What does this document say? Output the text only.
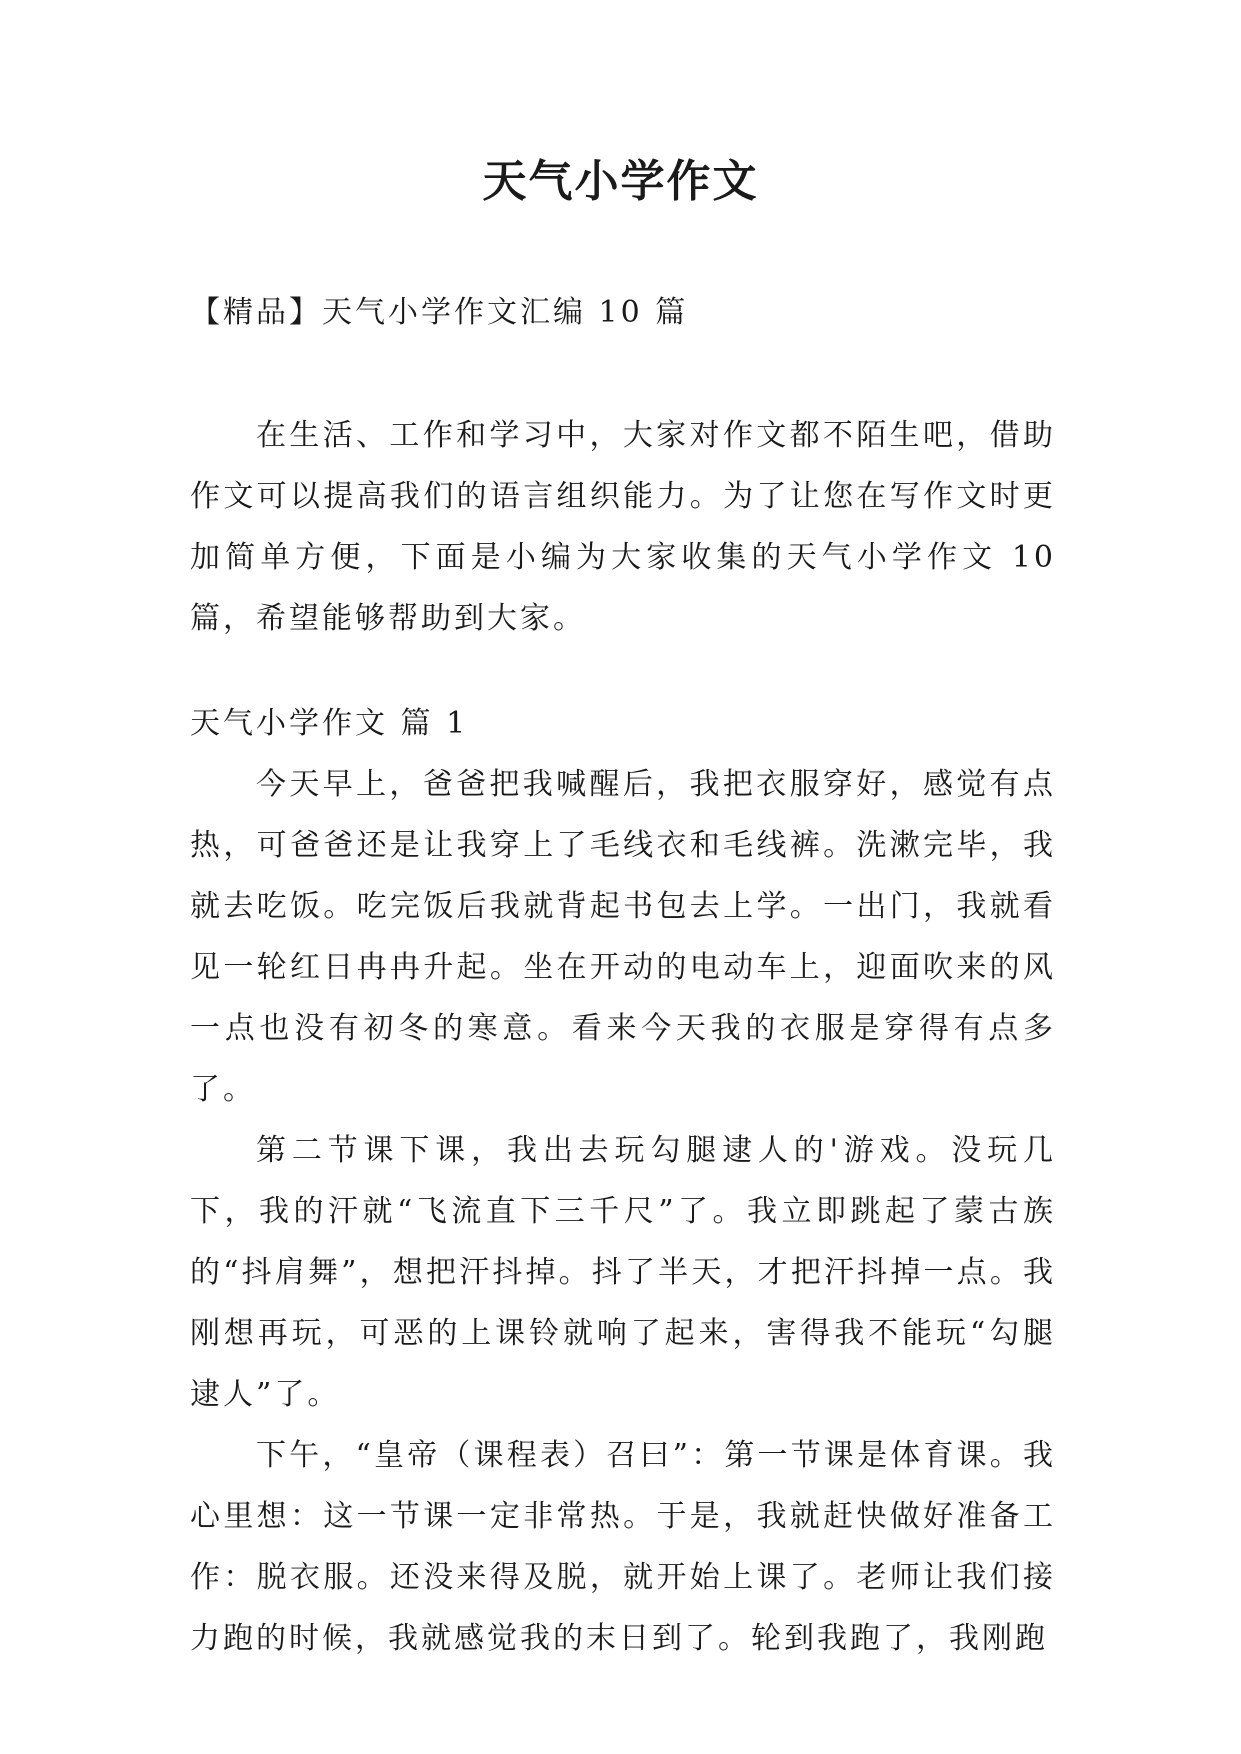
天气小学作文

【精品】天气小学作文汇编 10 篇

在生活、工作和学习中，大家对作文都不陌生吧，借助作文可以提高我们的语言组织能力。为了让您在写作文时更加简单方便，下面是小编为大家收集的天气小学作文 10 篇，希望能够帮助到大家。

天气小学作文 篇 1

今天早上，爸爸把我喊醒后，我把衣服穿好，感觉有点热，可爸爸还是让我穿上了毛线衣和毛线裤。洗漱完毕，我就去吃饭。吃完饭后我就背起书包去上学。一出门，我就看见一轮红日冉冉升起。坐在开动的电动车上，迎面吹来的风一点也没有初冬的寒意。看来今天我的衣服是穿得有点多了。

第二节课下课，我出去玩勾腿逮人的'游戏。没玩几下，我的汗就“飞流直下三千尺”了。我立即跳起了蒙古族的“抖肩舞”，想把汗抖掉。抖了半天，才把汗抖掉一点。我刚想再玩，可恶的上课铃就响了起来，害得我不能玩“勾腿逮人”了。

下午，“皇帝（课程表）召曰”：第一节课是体育课。我心里想：这一节课一定非常热。于是，我就赶快做好准备工作：脱衣服。还没来得及脱，就开始上课了。老师让我们接力跑的时候，我就感觉我的末日到了。轮到我跑了，我刚跑
